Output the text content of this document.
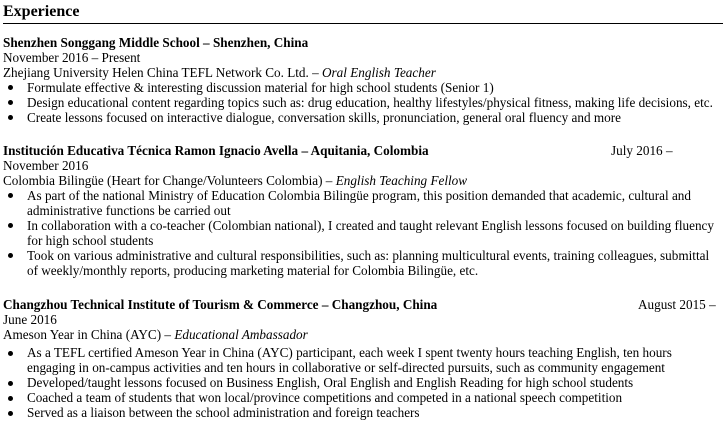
Experience
Shenzhen Songgang Middle School – Shenzhen, China
November 2016 – Present
Zhejiang University Helen China TEFL Network Co. Ltd. – Oral English Teacher
Formulate effective & interesting discussion material for high school students (Senior 1)
Design educational content regarding topics such as: drug education, healthy lifestyles/physical fitness, making life decisions, etc.
Create lessons focused on interactive dialogue, conversation skills, pronunciation, general oral fluency and more
Institución Educativa Técnica Ramon Ignacio Avella – Aquitania, Colombia	July 2016 –
November 2016
Colombia Bilingüe (Heart for Change/Volunteers Colombia) – English Teaching Fellow
As part of the national Ministry of Education Colombia Bilingüe program, this position demanded that academic, cultural and
administrative functions be carried out
In collaboration with a co-teacher (Colombian national), I created and taught relevant English lessons focused on building fluency
for high school students
Took on various administrative and cultural responsibilities, such as: planning multicultural events, training colleagues, submittal
of weekly/monthly reports, producing marketing material for Colombia Bilingüe, etc.
Changzhou Technical Institute of Tourism & Commerce – Changzhou, China	August 2015 –
June 2016
Ameson Year in China (AYC) – Educational Ambassador
As a TEFL certified Ameson Year in China (AYC) participant, each week I spent twenty hours teaching English, ten hours
engaging in on-campus activities and ten hours in collaborative or self-directed pursuits, such as community engagement
Developed/taught lessons focused on Business English, Oral English and English Reading for high school students
Coached a team of students that won local/province competitions and competed in a national speech competition
Served as a liaison between the school administration and foreign teachers
